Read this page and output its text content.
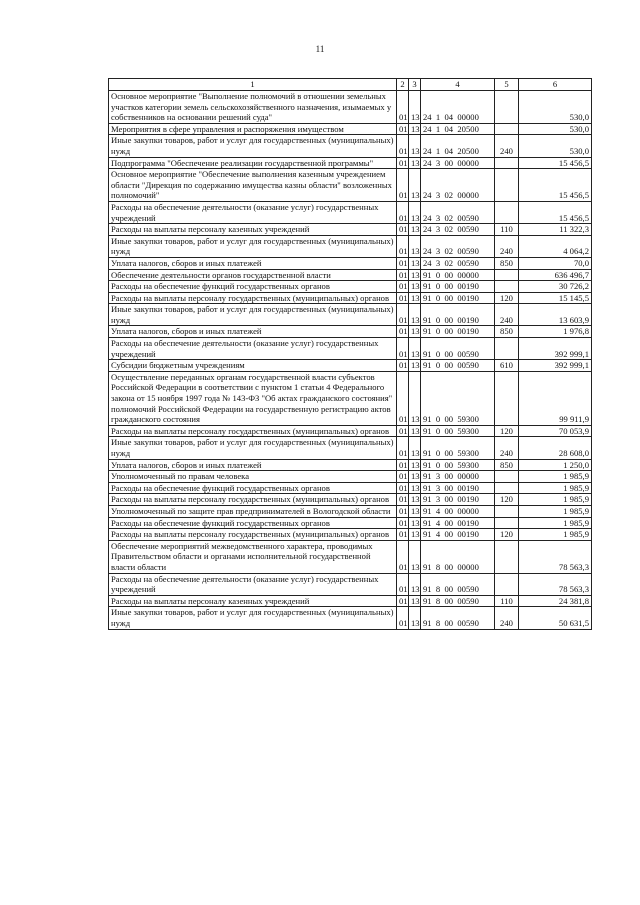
11
1	2	3	4	5	6
Основное мероприятие "Выполнение полномочий в отношении земельных участков категории земель сельскохозяйственного назначения, изымаемых у собственников на основании решений суда"	01	13	24  1  04  00000		530,0
Мероприятия в сфере управления и распоряжения имуществом	01	13	24  1  04  20500		530,0
Иные закупки товаров, работ и услуг для государственных (муниципальных) нужд	01	13	24  1  04  20500	240	530,0
Подпрограмма "Обеспечение реализации государственной программы"	01	13	24  3  00  00000		15 456,5
Основное мероприятие "Обеспечение выполнения казенным учреждением области "Дирекция по содержанию имущества казны области" возложенных полномочий"	01	13	24  3  02  00000		15 456,5
Расходы на обеспечение деятельности (оказание услуг) государственных учреждений	01	13	24  3  02  00590		15 456,5
Расходы на выплаты персоналу казенных учреждений	01	13	24  3  02  00590	110	11 322,3
Иные закупки товаров, работ и услуг для государственных (муниципальных) нужд	01	13	24  3  02  00590	240	4 064,2
Уплата налогов, сборов и иных платежей	01	13	24  3  02  00590	850	70,0
Обеспечение деятельности органов государственной власти	01	13	91  0  00  00000		636 496,7
Расходы на обеспечение функций государственных органов	01	13	91  0  00  00190		30 726,2
Расходы на выплаты персоналу государственных (муниципальных) органов	01	13	91  0  00  00190	120	15 145,5
Иные закупки товаров, работ и услуг для государственных (муниципальных) нужд	01	13	91  0  00  00190	240	13 603,9
Уплата налогов, сборов и иных платежей	01	13	91  0  00  00190	850	1 976,8
Расходы на обеспечение деятельности (оказание услуг) государственных учреждений	01	13	91  0  00  00590		392 999,1
Субсидии бюджетным учреждениям	01	13	91  0  00  00590	610	392 999,1
Осуществление переданных органам государственной власти субъектов Российской Федерации в соответствии с пунктом 1 статьи 4 Федерального закона от 15 ноября 1997 года № 143-ФЗ "Об актах гражданского состояния" полномочий Российской Федерации на государственную регистрацию актов гражданского состояния	01	13	91  0  00  59300		99 911,9
Расходы на выплаты персоналу государственных (муниципальных) органов	01	13	91  0  00  59300	120	70 053,9
Иные закупки товаров, работ и услуг для государственных (муниципальных) нужд	01	13	91  0  00  59300	240	28 608,0
Уплата налогов, сборов и иных платежей	01	13	91  0  00  59300	850	1 250,0
Уполномоченный по правам человека	01	13	91  3  00  00000		1 985,9
Расходы на обеспечение функций государственных органов	01	13	91  3  00  00190		1 985,9
Расходы на выплаты персоналу государственных (муниципальных) органов	01	13	91  3  00  00190	120	1 985,9
Уполномоченный по защите прав предпринимателей в Вологодской области	01	13	91  4  00  00000		1 985,9
Расходы на обеспечение функций государственных органов	01	13	91  4  00  00190		1 985,9
Расходы на выплаты персоналу государственных (муниципальных) органов	01	13	91  4  00  00190	120	1 985,9
Обеспечение мероприятий межведомственного характера, проводимых Правительством области и органами исполнительной государственной власти области	01	13	91  8  00  00000		78 563,3
Расходы на обеспечение деятельности (оказание услуг) государственных учреждений	01	13	91  8  00  00590		78 563,3
Расходы на выплаты персоналу казенных учреждений	01	13	91  8  00  00590	110	24 381,8
Иные закупки товаров, работ и услуг для государственных (муниципальных) нужд	01	13	91  8  00  00590	240	50 631,5
